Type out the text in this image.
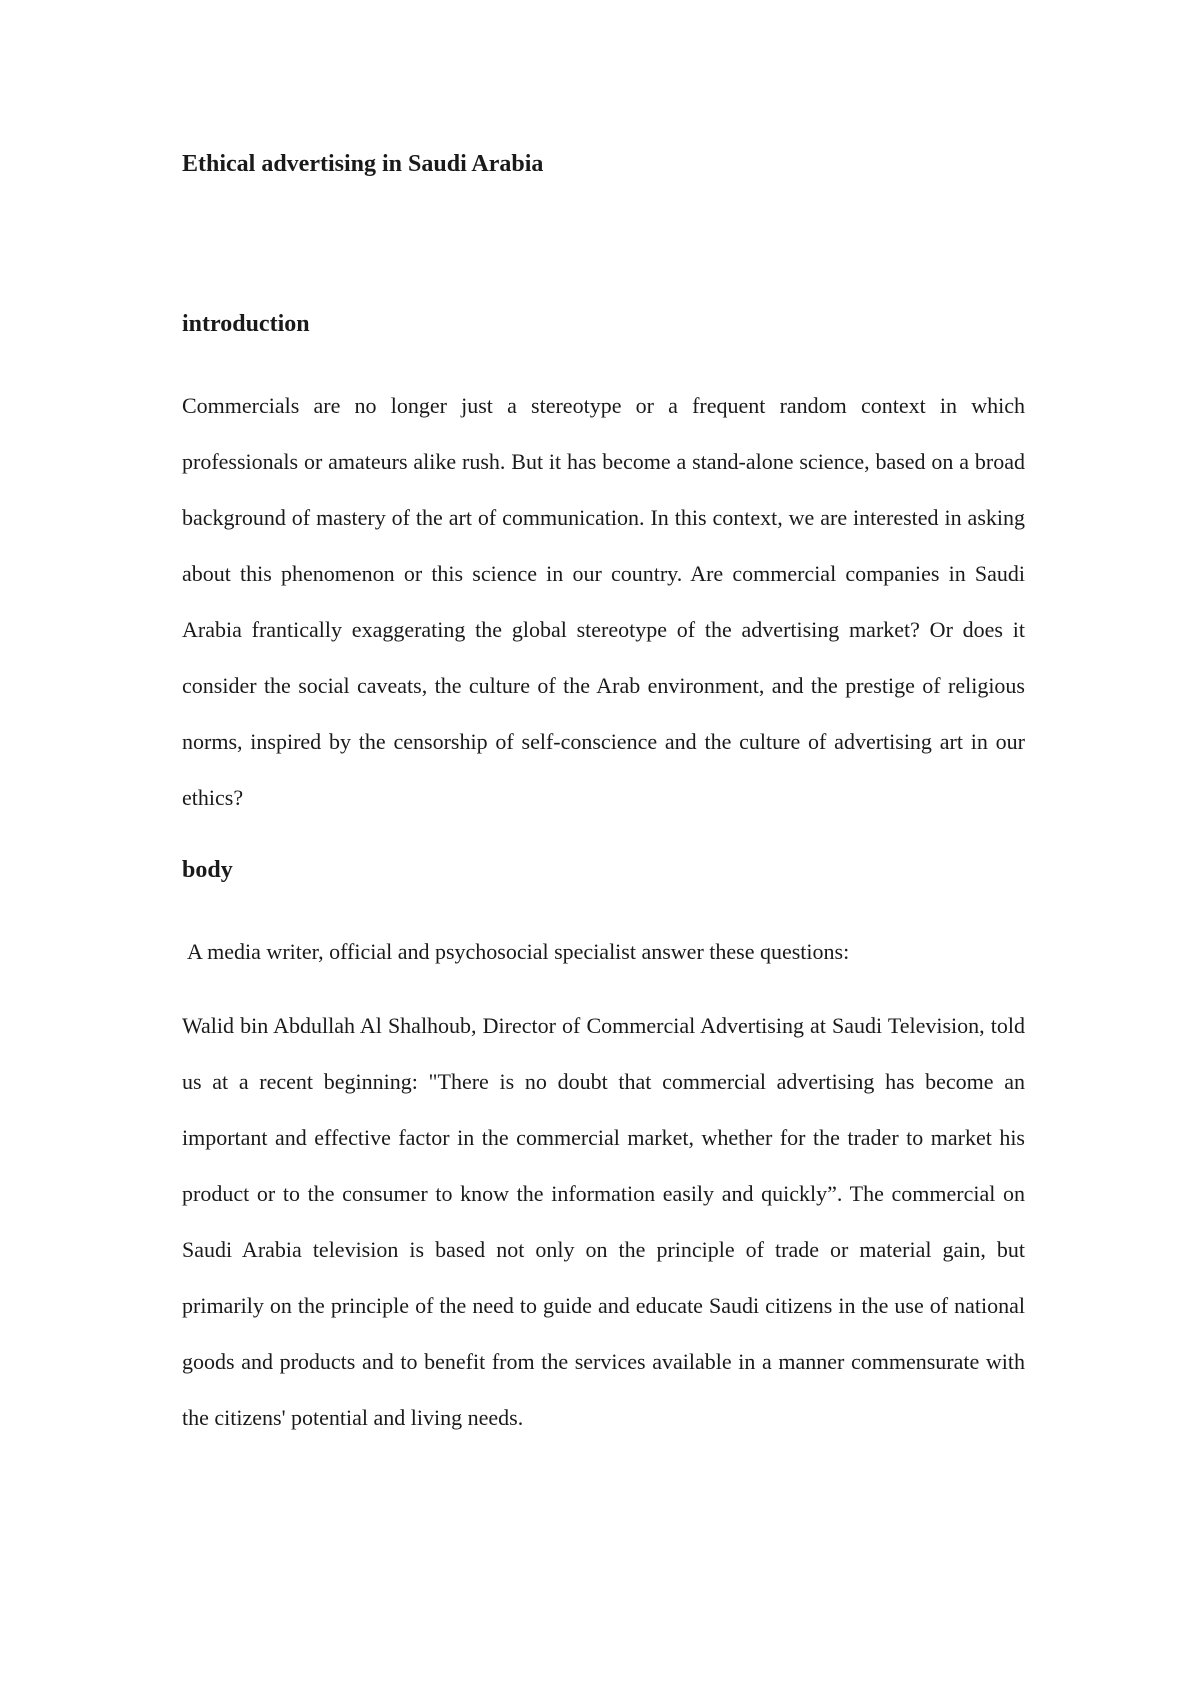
Ethical advertising in Saudi Arabia
introduction

Commercials are no longer just a stereotype or a frequent random context in which professionals or amateurs alike rush. But it has become a stand-alone science, based on a broad background of mastery of the art of communication. In this context, we are interested in asking about this phenomenon or this science in our country. Are commercial companies in Saudi Arabia frantically exaggerating the global stereotype of the advertising market? Or does it consider the social caveats, the culture of the Arab environment, and the prestige of religious norms, inspired by the censorship of self-conscience and the culture of advertising art in our ethics?

body

A media writer, official and psychosocial specialist answer these questions:

Walid bin Abdullah Al Shalhoub, Director of Commercial Advertising at Saudi Television, told us at a recent beginning: "There is no doubt that commercial advertising has become an important and effective factor in the commercial market, whether for the trader to market his product or to the consumer to know the information easily and quickly”. The commercial on Saudi Arabia television is based not only on the principle of trade or material gain, but primarily on the principle of the need to guide and educate Saudi citizens in the use of national goods and products and to benefit from the services available in a manner commensurate with the citizens' potential and living needs.
